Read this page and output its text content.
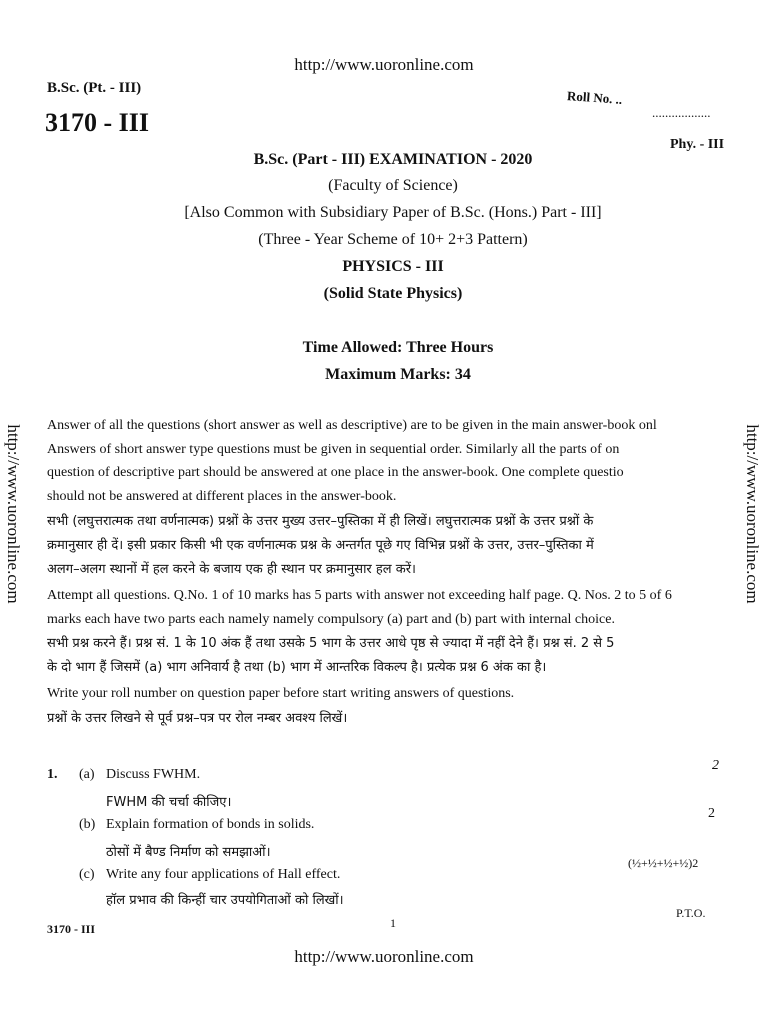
http://www.uoronline.com
B.Sc. (Pt. - III)
3170 - III
Roll No. ..
..................
Phy. - III
B.Sc. (Part - III) EXAMINATION - 2020
(Faculty of Science)
[Also Common with Subsidiary Paper of B.Sc. (Hons.) Part - III]
(Three - Year Scheme of 10+ 2+3 Pattern)
PHYSICS - III
(Solid State Physics)
Time Allowed: Three Hours
Maximum Marks: 34
http://www.uoronline.com	http://www.uoronline.com
Answer of all the questions (short answer as well as descriptive) are to be given in the main answer-book onl
Answers of short answer type questions must be given in sequential order. Similarly all the parts of on
question of descriptive part should be answered at one place in the answer-book. One complete questio
should not be answered at different places in the answer-book.
सभी (लघुत्तरात्मक तथा वर्णनात्मक) प्रश्नों के उत्तर मुख्य उत्तर–पुस्तिका में ही लिखें। लघुत्तरात्मक प्रश्नों के उत्तर प्रश्नों के
क्रमानुसार ही दें। इसी प्रकार किसी भी एक वर्णनात्मक प्रश्न के अन्तर्गत पूछे गए विभिन्न प्रश्नों के उत्तर, उत्तर–पुस्तिका में
अलग–अलग स्थानों में हल करने के बजाय एक ही स्थान पर क्रमानुसार हल करें।
Attempt all questions. Q.No. 1 of 10 marks has 5 parts with answer not exceeding half page. Q. Nos. 2 to 5 of 6
marks each have two parts each namely namely compulsory (a) part and (b) part with internal choice.
सभी प्रश्न करने हैं। प्रश्न सं. 1 के 10 अंक हैं तथा उसके 5 भाग के उत्तर आधे पृष्ठ से ज्यादा में नहीं देने हैं। प्रश्न सं. 2 से 5
के दो भाग हैं जिसमें (a) भाग अनिवार्य है तथा (b) भाग में आन्तरिक विकल्प है। प्रत्येक प्रश्न 6 अंक का है।
Write your roll number on question paper before start writing answers of questions.
प्रश्नों के उत्तर लिखने से पूर्व प्रश्न–पत्र पर रोल नम्बर अवश्य लिखें।
1. (a) Discuss FWHM.
FWHM की चर्चा कीजिए।
2
(b) Explain formation of bonds in solids.
ठोसों में बैण्ड निर्माण को समझाओं।
2
(c) Write any four applications of Hall effect.
हॉल प्रभाव की किन्हीं चार उपयोगिताओं को लिखों।
(½+½+½+½)2
3170 - III	1
P.T.O.
http://www.uoronline.com
